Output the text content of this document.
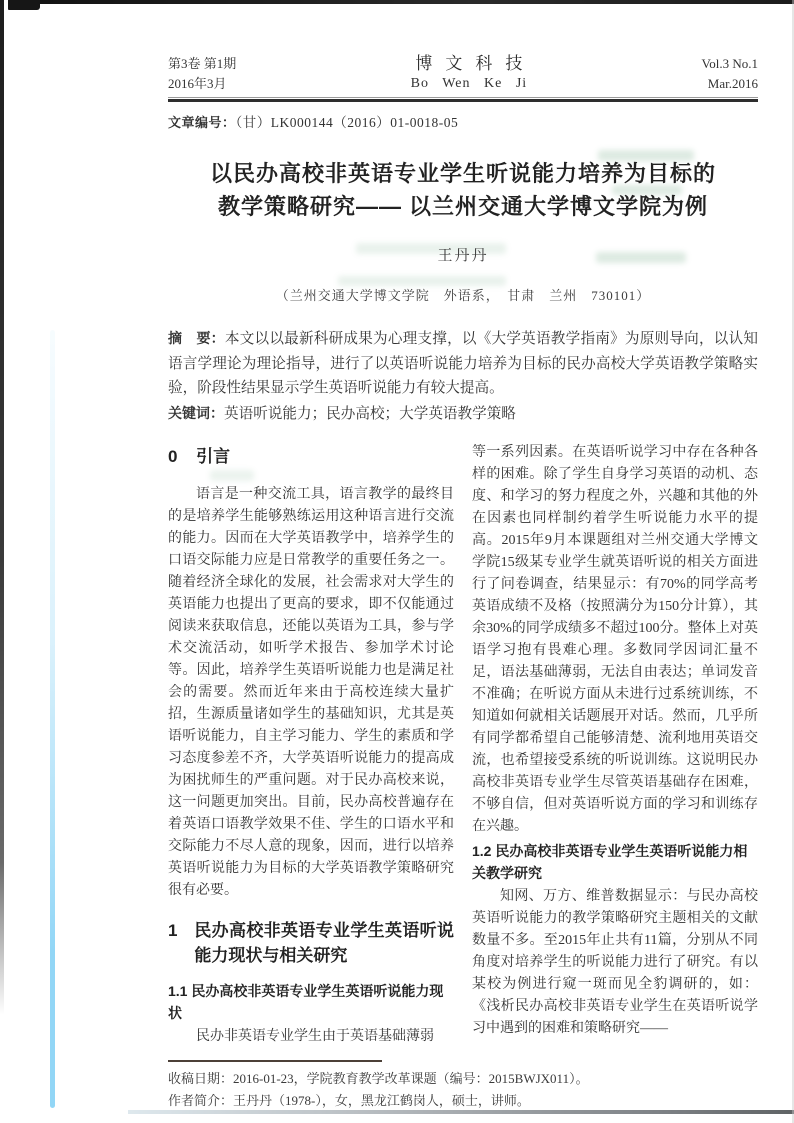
第3卷 第1期
2016年3月
博文科技
Bo Wen Ke Ji
Vol.3 No.1
Mar.2016
文章编号：（甘）LK000144（2016）01-0018-05
以民办高校非英语专业学生听说能力培养为目标的
教学策略研究—— 以兰州交通大学博文学院为例
王丹丹
（兰州交通大学博文学院　外语系，　甘肃　兰州　730101）
摘　要：本文以以最新科研成果为心理支撑，以《大学英语教学指南》为原则导向，以认知语言学理论为理论指导，进行了以英语听说能力培养为目标的民办高校大学英语教学策略实验，阶段性结果显示学生英语听说能力有较大提高。
关键词：英语听说能力；民办高校；大学英语教学策略
0 引言

语言是一种交流工具，语言教学的最终目的是培养学生能够熟练运用这种语言进行交流的能力。因而在大学英语教学中，培养学生的口语交际能力应是日常教学的重要任务之一。随着经济全球化的发展，社会需求对大学生的英语能力也提出了更高的要求，即不仅能通过阅读来获取信息，还能以英语为工具，参与学术交流活动，如听学术报告、参加学术讨论等。因此，培养学生英语听说能力也是满足社会的需要。然而近年来由于高校连续大量扩招，生源质量诸如学生的基础知识，尤其是英语听说能力，自主学习能力、学生的素质和学习态度参差不齐，大学英语听说能力的提高成为困扰师生的严重问题。对于民办高校来说，这一问题更加突出。目前，民办高校普遍存在着英语口语教学效果不佳、学生的口语水平和交际能力不尽人意的现象，因而，进行以培养英语听说能力为目标的大学英语教学策略研究很有必要。

1 民办高校非英语专业学生英语听说能力现状与相关研究
1.1 民办高校非英语专业学生英语听说能力现状

民办非英语专业学生由于英语基础薄弱

等一系列因素。在英语听说学习中存在各种各样的困难。除了学生自身学习英语的动机、态度、和学习的努力程度之外，兴趣和其他的外在因素也同样制约着学生听说能力水平的提高。2015年9月本课题组对兰州交通大学博文学院15级某专业学生就英语听说的相关方面进行了问卷调查，结果显示：有70%的同学高考英语成绩不及格（按照满分为150分计算），其余30%的同学成绩多不超过100分。整体上对英语学习抱有畏难心理。多数同学因词汇量不足，语法基础薄弱，无法自由表达；单词发音不准确；在听说方面从未进行过系统训练，不知道如何就相关话题展开对话。然而，几乎所有同学都希望自己能够清楚、流利地用英语交流，也希望接受系统的听说训练。这说明民办高校非英语专业学生尽管英语基础存在困难，不够自信，但对英语听说方面的学习和训练存在兴趣。

1.2 民办高校非英语专业学生英语听说能力相关教学研究

知网、万方、维普数据显示：与民办高校英语听说能力的教学策略研究主题相关的文献数量不多。至2015年止共有11篇，分别从不同角度对培养学生的听说能力进行了研究。有以某校为例进行窥一斑而见全豹调研的，如：《浅析民办高校非英语专业学生在英语听说学习中遇到的困难和策略研究——

收稿日期：2016-01-23，学院教育教学改革课题（编号：2015BWJX011）。
作者简介：王丹丹（1978-），女，黑龙江鹤岗人，硕士，讲师。
